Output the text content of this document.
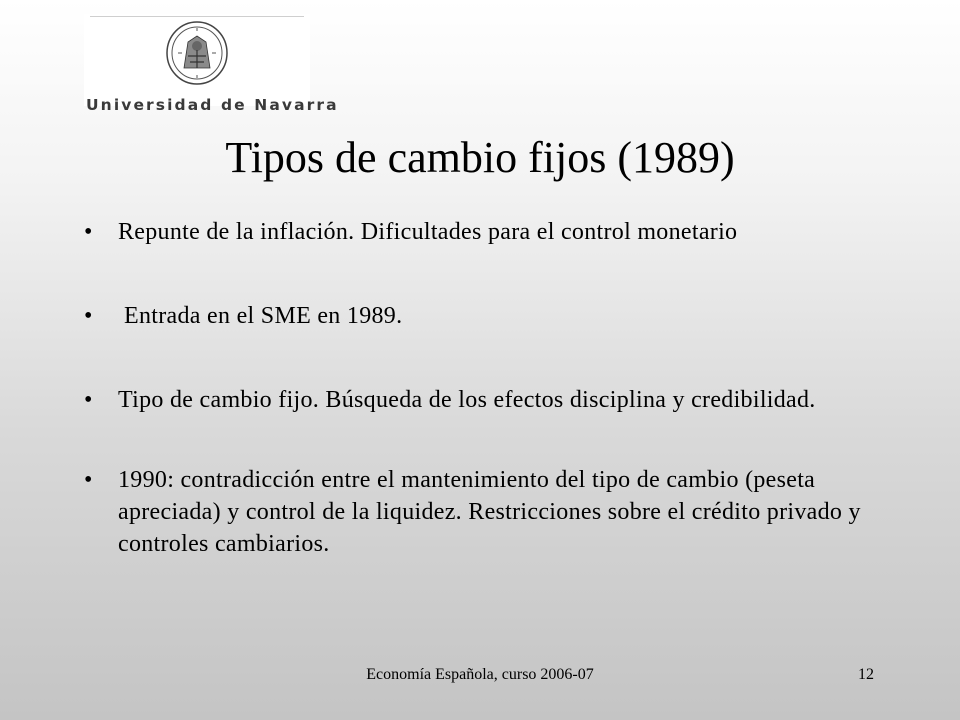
Universidad de Navarra
Tipos de cambio fijos (1989)
• Repunte de la inflación. Dificultades para el control monetario
• Entrada en el SME en 1989.
• Tipo de cambio fijo. Búsqueda de los efectos disciplina y credibilidad.
• 1990: contradicción entre el mantenimiento del tipo de cambio (peseta apreciada) y control de la liquidez. Restricciones sobre el crédito privado y controles cambiarios.
Economía Española, curso 2006-07	12
